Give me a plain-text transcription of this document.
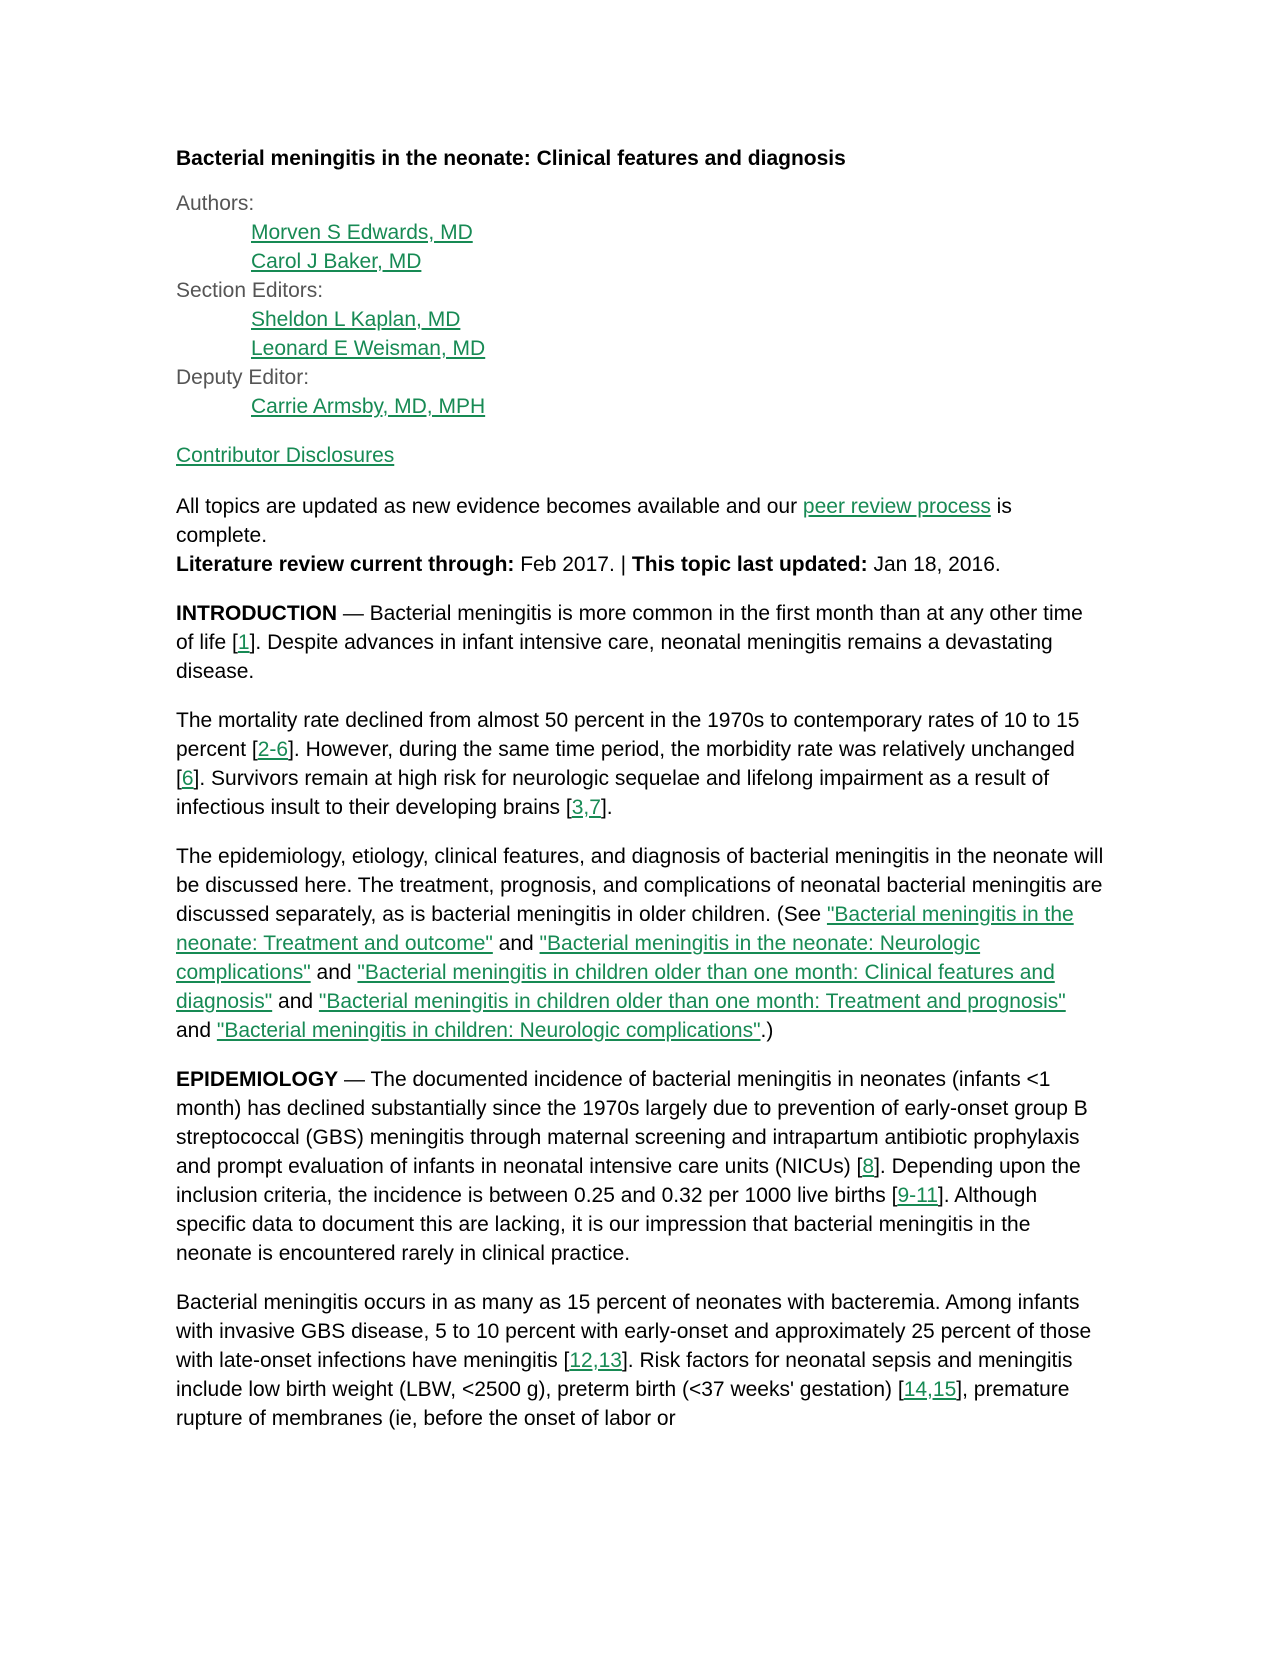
Bacterial meningitis in the neonate: Clinical features and diagnosis
Authors:
Morven S Edwards, MD
Carol J Baker, MD
Section Editors:
Sheldon L Kaplan, MD
Leonard E Weisman, MD
Deputy Editor:
Carrie Armsby, MD, MPH
Contributor Disclosures
All topics are updated as new evidence becomes available and our peer review process is complete.
Literature review current through: Feb 2017. | This topic last updated: Jan 18, 2016.

INTRODUCTION — Bacterial meningitis is more common in the first month than at any other time of life [1]. Despite advances in infant intensive care, neonatal meningitis remains a devastating disease.

The mortality rate declined from almost 50 percent in the 1970s to contemporary rates of 10 to 15 percent [2-6]. However, during the same time period, the morbidity rate was relatively unchanged [6]. Survivors remain at high risk for neurologic sequelae and lifelong impairment as a result of infectious insult to their developing brains [3,7].

The epidemiology, etiology, clinical features, and diagnosis of bacterial meningitis in the neonate will be discussed here. The treatment, prognosis, and complications of neonatal bacterial meningitis are discussed separately, as is bacterial meningitis in older children. (See "Bacterial meningitis in the neonate: Treatment and outcome" and "Bacterial meningitis in the neonate: Neurologic complications" and "Bacterial meningitis in children older than one month: Clinical features and diagnosis" and "Bacterial meningitis in children older than one month: Treatment and prognosis" and "Bacterial meningitis in children: Neurologic complications".)

EPIDEMIOLOGY — The documented incidence of bacterial meningitis in neonates (infants <1 month) has declined substantially since the 1970s largely due to prevention of early-onset group B streptococcal (GBS) meningitis through maternal screening and intrapartum antibiotic prophylaxis and prompt evaluation of infants in neonatal intensive care units (NICUs) [8]. Depending upon the inclusion criteria, the incidence is between 0.25 and 0.32 per 1000 live births [9-11]. Although specific data to document this are lacking, it is our impression that bacterial meningitis in the neonate is encountered rarely in clinical practice.

Bacterial meningitis occurs in as many as 15 percent of neonates with bacteremia. Among infants with invasive GBS disease, 5 to 10 percent with early-onset and approximately 25 percent of those with late-onset infections have meningitis [12,13]. Risk factors for neonatal sepsis and meningitis include low birth weight (LBW, <2500 g), preterm birth (<37 weeks' gestation) [14,15], premature rupture of membranes (ie, before the onset of labor or
